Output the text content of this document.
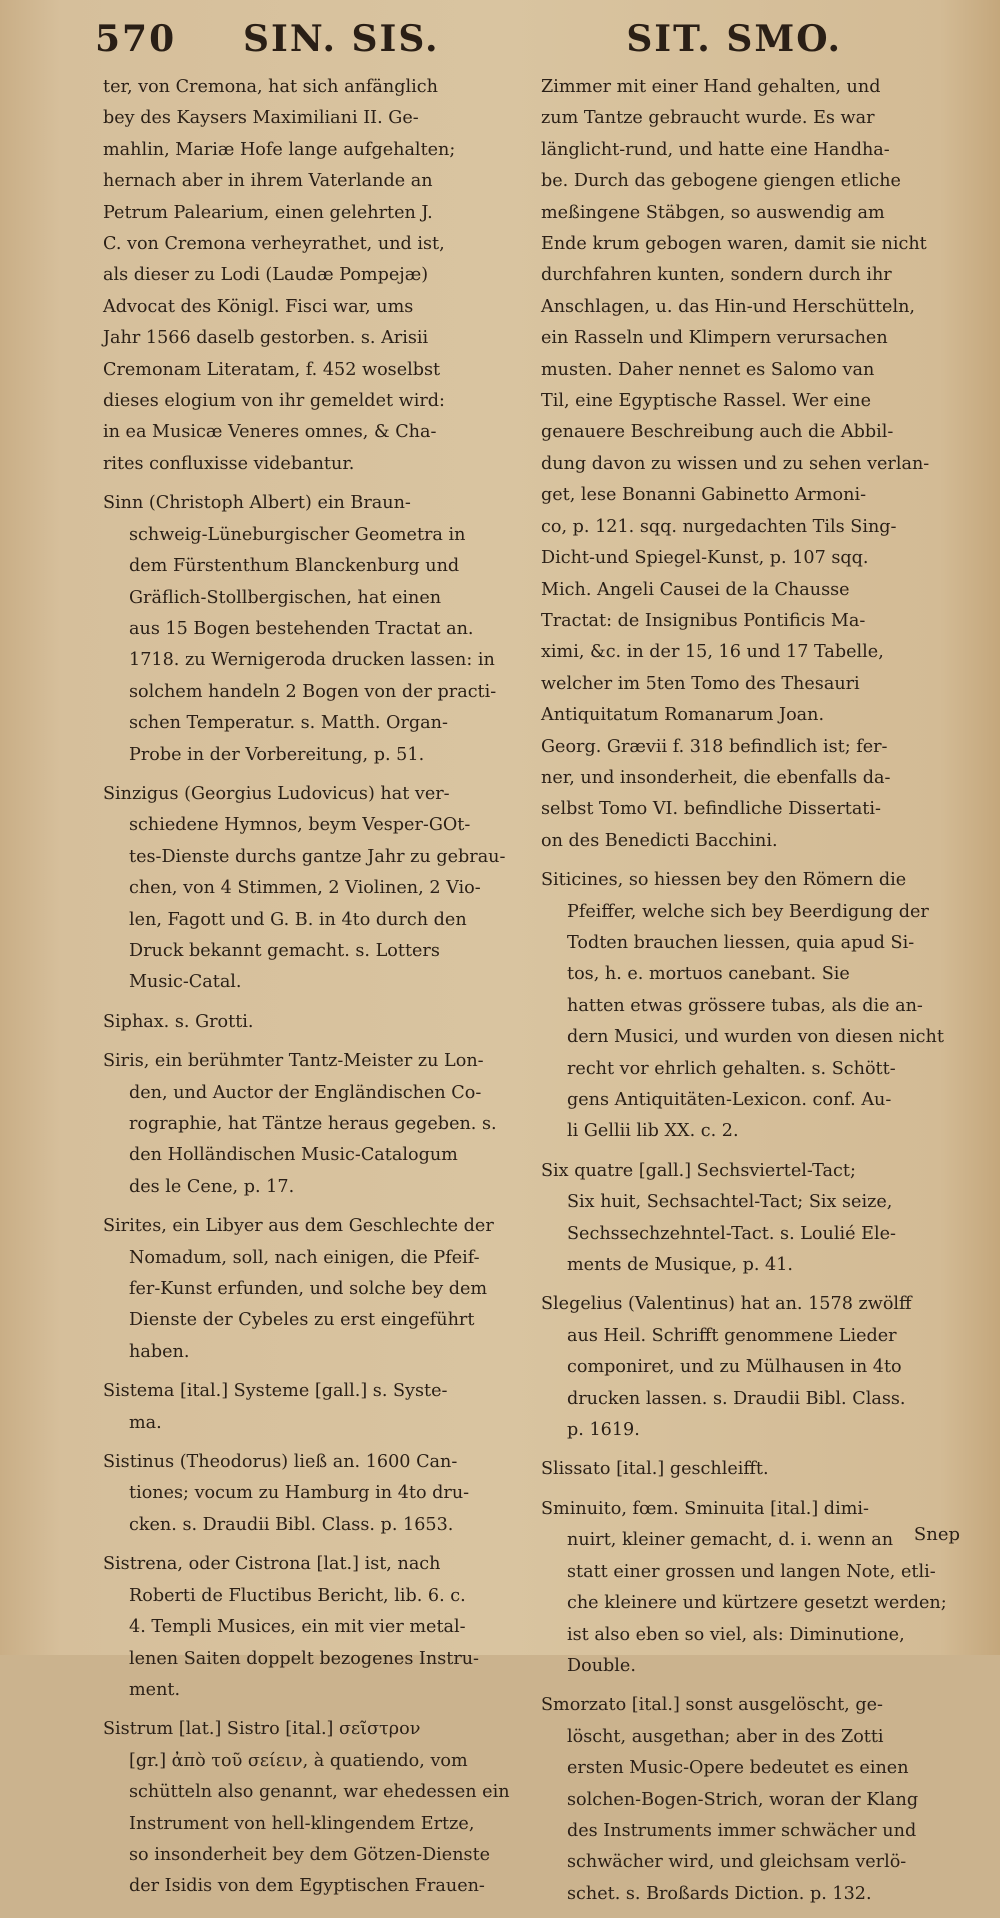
570 SIN. SIS.	SIT. SMO.
ter, von Cremona, hat sich anfänglich
bey des Kaysers Maximiliani II. Ge-
mahlin, Mariæ Hofe lange aufgehalten;
hernach aber in ihrem Vaterlande an
Petrum Palearium, einen gelehrten J.
C. von Cremona verheyrathet, und ist,
als dieser zu Lodi (Laudæ Pompejæ)
Advocat des Königl. Fisci war, ums
Jahr 1566 daselb gestorben. s. Arisii
Cremonam Literatam, f. 452 woselbst
dieses elogium von ihr gemeldet wird:
in ea Musicæ Veneres omnes, & Cha-
rites confluxisse videbantur.
Sinn (Christoph Albert) ein Braun-
schweig-Lüneburgischer Geometra in
dem Fürstenthum Blanckenburg und
Gräflich-Stollbergischen, hat einen
aus 15 Bogen bestehenden Tractat an.
1718. zu Wernigeroda drucken lassen: in
solchem handeln 2 Bogen von der practi-
schen Temperatur. s. Matth. Organ-
Probe in der Vorbereitung, p. 51.
Sinzigus (Georgius Ludovicus) hat ver-
schiedene Hymnos, beym Vesper-GOt-
tes-Dienste durchs gantze Jahr zu gebrau-
chen, von 4 Stimmen, 2 Violinen, 2 Vio-
len, Fagott und G. B. in 4to durch den
Druck bekannt gemacht. s. Lotters
Music-Catal.
Siphax. s. Grotti.
Siris, ein berühmter Tantz-Meister zu Lon-
den, und Auctor der Engländischen Co-
rographie, hat Täntze heraus gegeben. s.
den Holländischen Music-Catalogum
des le Cene, p. 17.
Sirites, ein Libyer aus dem Geschlechte der
Nomadum, soll, nach einigen, die Pfeif-
fer-Kunst erfunden, und solche bey dem
Dienste der Cybeles zu erst eingeführt
haben.
Sistema [ital.] Systeme [gall.] s. Syste-
ma.
Sistinus (Theodorus) ließ an. 1600 Can-
tiones; vocum zu Hamburg in 4to dru-
cken. s. Draudii Bibl. Class. p. 1653.
Sistrena, oder Cistrona [lat.] ist, nach
Roberti de Fluctibus Bericht, lib. 6. c.
4. Templi Musices, ein mit vier metal-
lenen Saiten doppelt bezogenes Instru-
ment.
Sistrum [lat.] Sistro [ital.] σεῖστρον
[gr.] ἀπὸ τοῦ σείειν, à quatiendo, vom
schütteln also genannt, war ehedessen ein
Instrument von hell-klingendem Ertze,
so insonderheit bey dem Götzen-Dienste
der Isidis von dem Egyptischen Frauen-
Zimmer mit einer Hand gehalten, und
zum Tantze gebraucht wurde. Es war
länglicht-rund, und hatte eine Handha-
be. Durch das gebogene giengen etliche
meßingene Stäbgen, so auswendig am
Ende krum gebogen waren, damit sie nicht
durchfahren kunten, sondern durch ihr
Anschlagen, u. das Hin-und Herschütteln,
ein Rasseln und Klimpern verursachen
musten. Daher nennet es Salomo van
Til, eine Egyptische Rassel. Wer eine
genauere Beschreibung auch die Abbil-
dung davon zu wissen und zu sehen verlan-
get, lese Bonanni Gabinetto Armoni-
co, p. 121. sqq. nurgedachten Tils Sing-
Dicht-und Spiegel-Kunst, p. 107 sqq.
Mich. Angeli Causei de la Chausse
Tractat: de Insignibus Pontificis Ma-
ximi, &c. in der 15, 16 und 17 Tabelle,
welcher im 5ten Tomo des Thesauri
Antiquitatum Romanarum Joan.
Georg. Grævii f. 318 befindlich ist; fer-
ner, und insonderheit, die ebenfalls da-
selbst Tomo VI. befindliche Dissertati-
on des Benedicti Bacchini.
Siticines, so hiessen bey den Römern die
Pfeiffer, welche sich bey Beerdigung der
Todten brauchen liessen, quia apud Si-
tos, h. e. mortuos canebant. Sie
hatten etwas grössere tubas, als die an-
dern Musici, und wurden von diesen nicht
recht vor ehrlich gehalten. s. Schött-
gens Antiquitäten-Lexicon. conf. Au-
li Gellii lib XX. c. 2.
Six quatre [gall.] Sechsviertel-Tact;
Six huit, Sechsachtel-Tact; Six seize,
Sechssechzehntel-Tact. s. Loulié Ele-
ments de Musique, p. 41.
Slegelius (Valentinus) hat an. 1578 zwölff
aus Heil. Schrifft genommene Lieder
componiret, und zu Mülhausen in 4to
drucken lassen. s. Draudii Bibl. Class.
p. 1619.
Slissato [ital.] geschleifft.
Sminuito, fœm. Sminuita [ital.] dimi-
nuirt, kleiner gemacht, d. i. wenn an
statt einer grossen und langen Note, etli-
che kleinere und kürtzere gesetzt werden;
ist also eben so viel, als: Diminutione,
Double.
Smorzato [ital.] sonst ausgelöscht, ge-
löscht, ausgethan; aber in des Zotti
ersten Music-Opere bedeutet es einen
solchen-Bogen-Strich, woran der Klang
des Instruments immer schwächer und
schwächer wird, und gleichsam verlö-
schet. s. Broßards Diction. p. 132.
Snep
